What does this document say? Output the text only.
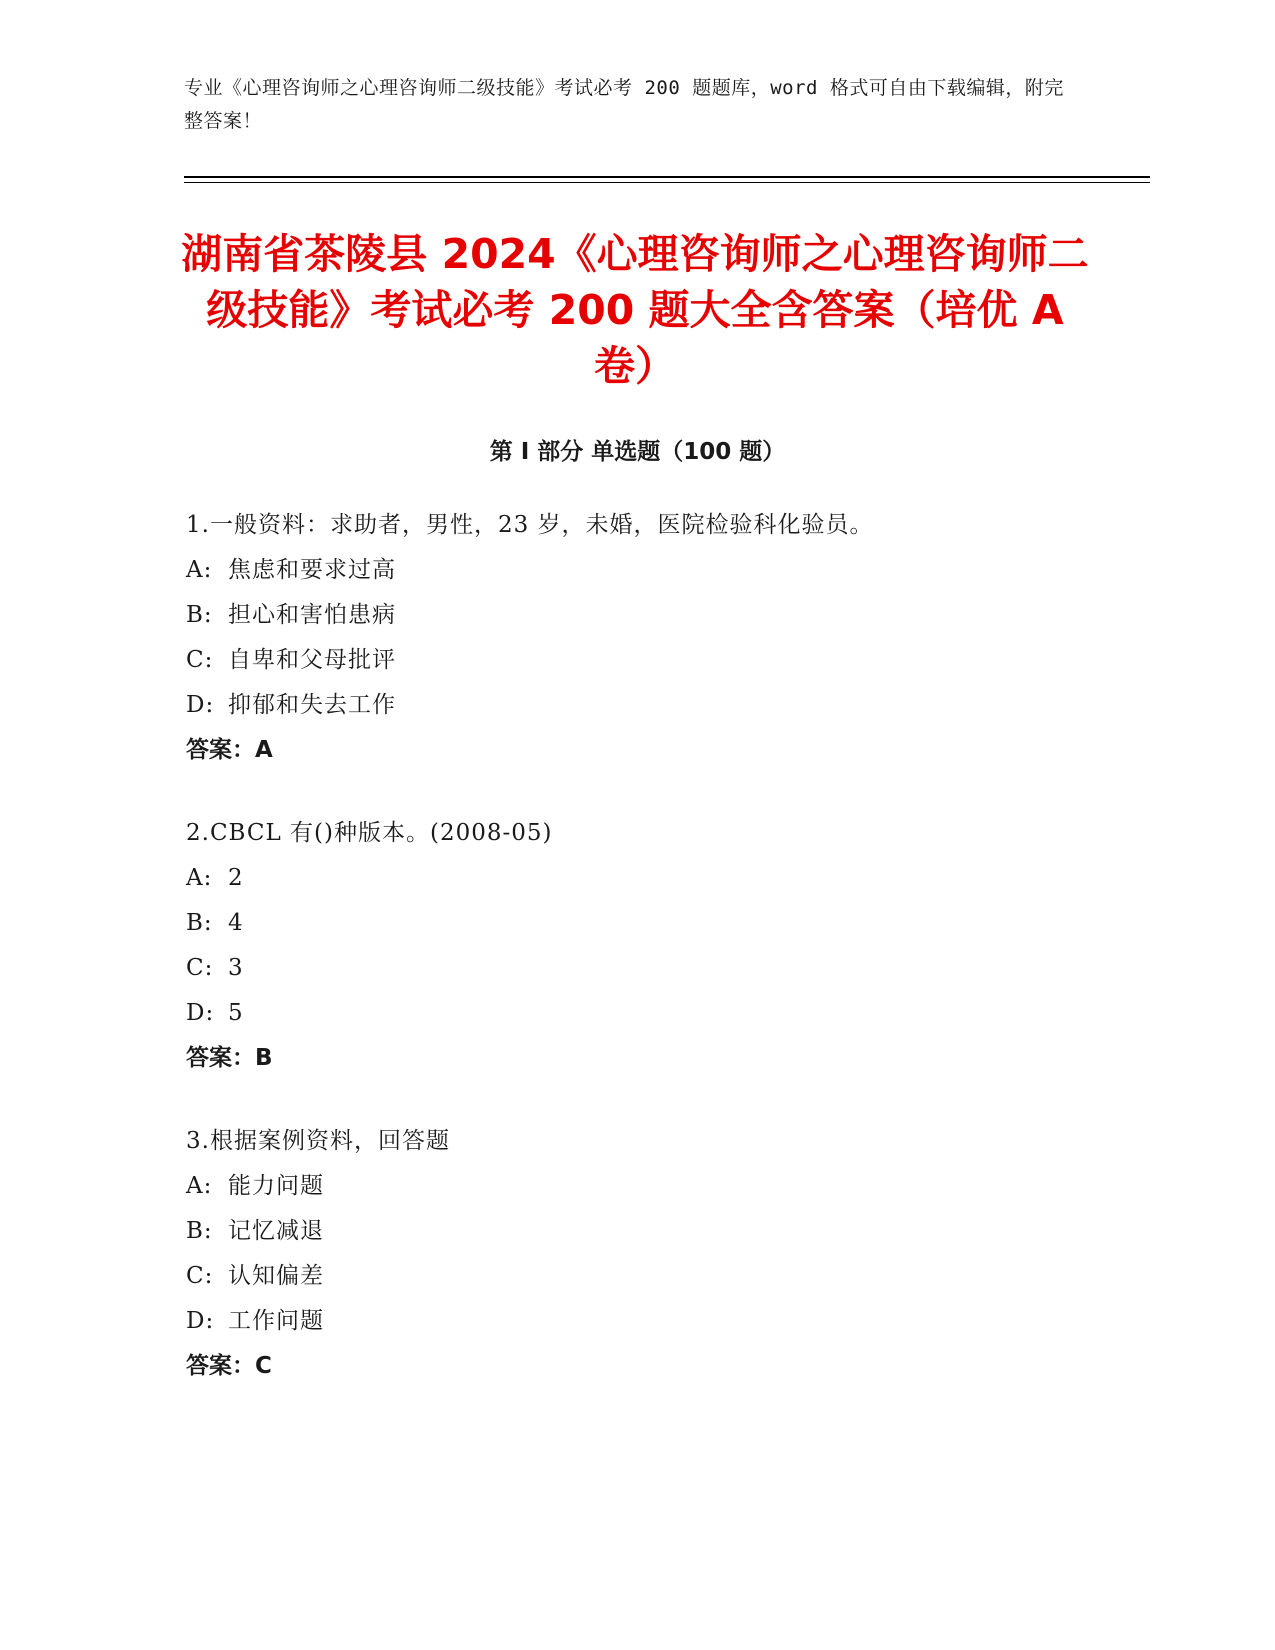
专业《心理咨询师之心理咨询师二级技能》考试必考 200 题题库，word 格式可自由下载编辑，附完整答案！
湖南省茶陵县 2024《心理咨询师之心理咨询师二级技能》考试必考 200 题大全含答案（培优 A 卷）
第 I 部分 单选题（100 题）
1.一般资料：求助者，男性，23 岁，未婚，医院检验科化验员。
A: 焦虑和要求过高
B: 担心和害怕患病
C: 自卑和父母批评
D: 抑郁和失去工作
答案：A
2.CBCL 有()种版本。(2008-05)
A: 2
B: 4
C: 3
D: 5
答案：B
3.根据案例资料，回答题
A: 能力问题
B: 记忆减退
C: 认知偏差
D: 工作问题
答案：C
